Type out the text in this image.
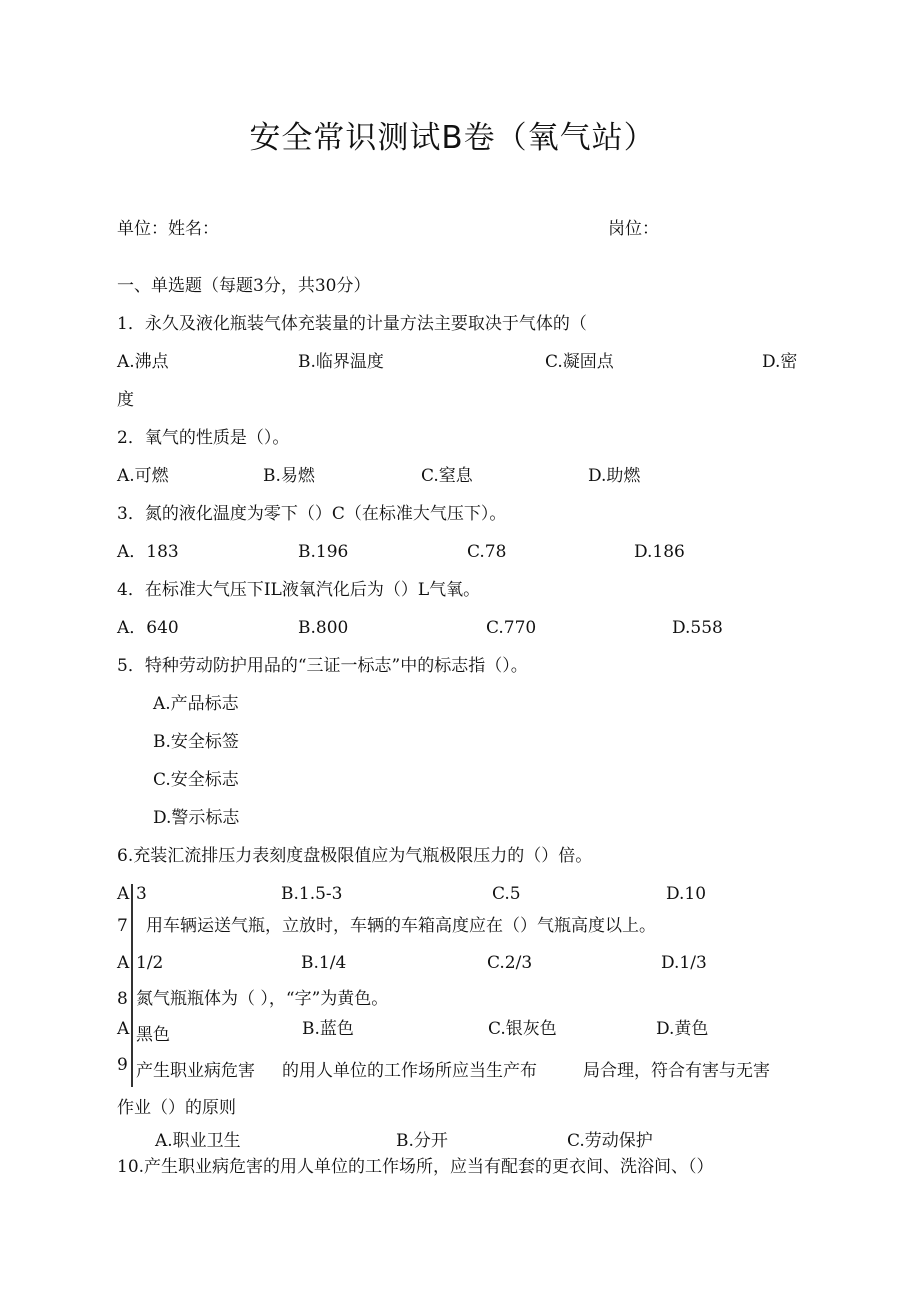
安全常识测试B卷（氧气站）
单位：姓名：	岗位：
一、单选题（每题3分，共30分）
1．永久及液化瓶装气体充装量的计量方法主要取决于气体的（
A.沸点	B.临界温度	C.凝固点	D.密
度
2．氧气的性质是（）。
A.可燃	B.易燃	C.窒息	D.助燃
3．氮的液化温度为零下（）C（在标准大气压下）。
A．183	B.196	C.78	D.186
4．在标准大气压下IL液氧汽化后为（）L气氧。
A．640	B.800	C.770	D.558
5．特种劳动防护用品的“三证一标志”中的标志指（）。
A.产品标志
B.安全标签
C.安全标志
D.警示标志
6.充装汇流排压力表刻度盘极限值应为气瓶极限压力的（）倍。
A 3	B.1.5-3	C.5	D.10
7 用车辆运送气瓶，立放时，车辆的车箱高度应在（）气瓶高度以上。
A 1/2	B.1/4	C.2/3	D.1/3
8 氮气瓶瓶体为（ ），“字”为黄色。
A 黑色	B.蓝色	C.银灰色	D.黄色
9 产生职业病危害 的用人单位的工作场所应当生产布	局合理，符合有害与无害
作业（）的原则
A.职业卫生	B.分开	C.劳动保护
10.产生职业病危害的用人单位的工作场所，应当有配套的更衣间、洗浴间、（）
